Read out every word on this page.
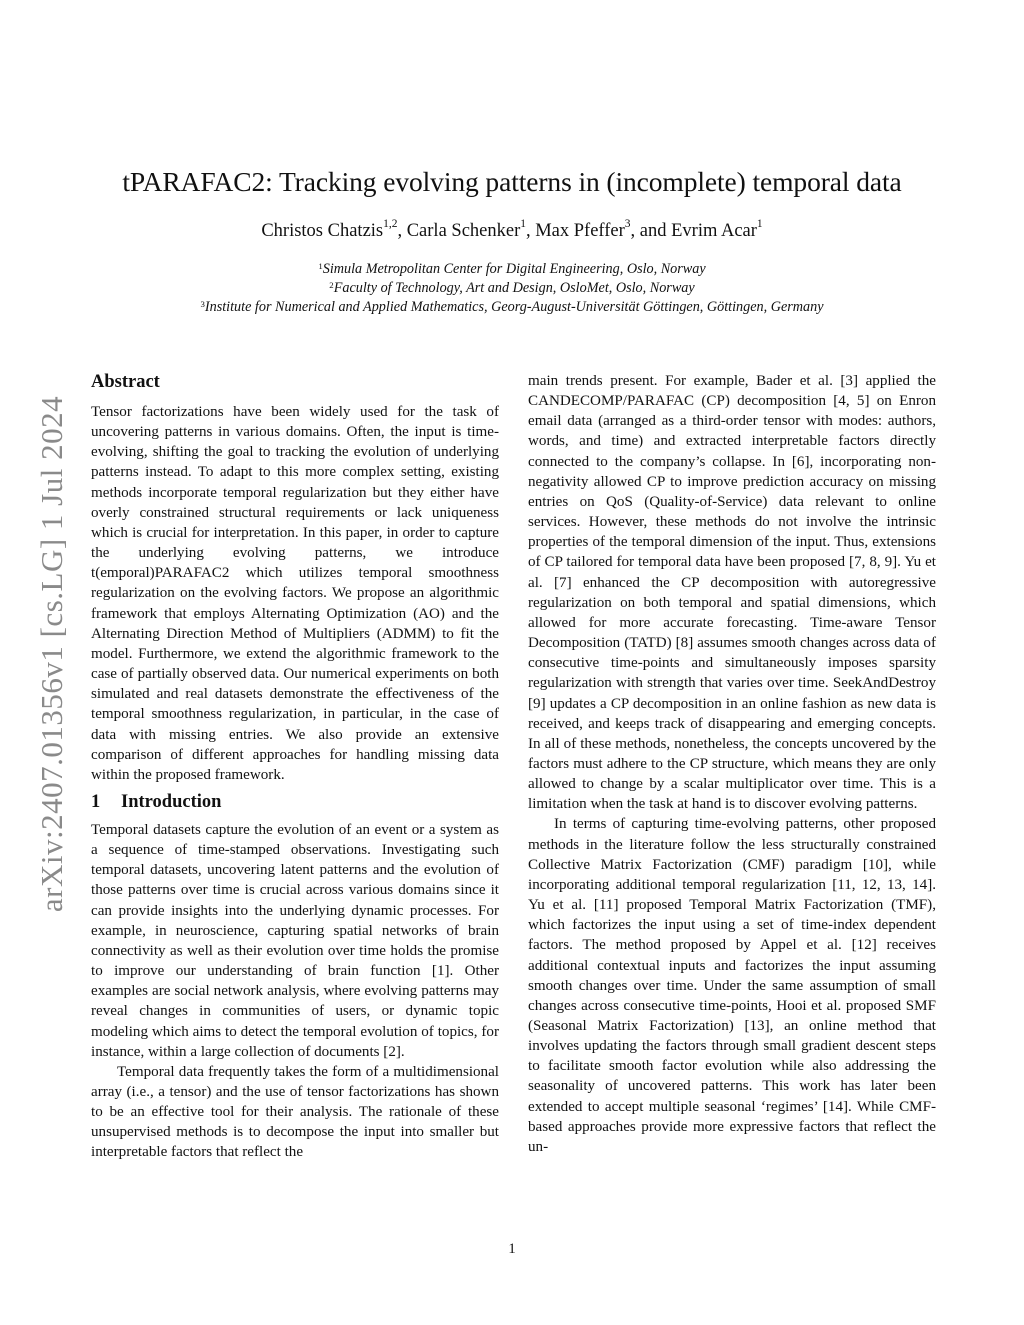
tPARAFAC2: Tracking evolving patterns in (incomplete) temporal data
Christos Chatzis$^{1,2}$, Carla Schenker$^1$, Max Pfeffer$^3$, and Evrim Acar$^1$
$^1$Simula Metropolitan Center for Digital Engineering, Oslo, Norway
$^2$Faculty of Technology, Art and Design, OsloMet, Oslo, Norway
$^3$Institute for Numerical and Applied Mathematics, Georg-August-Universität Göttingen, Göttingen, Germany
arXiv:2407.01356v1 [cs.LG] 1 Jul 2024
Abstract

Tensor factorizations have been widely used for the task of uncovering patterns in various domains. Often, the input is time-evolving, shifting the goal to tracking the evolution of underlying patterns instead. To adapt to this more complex setting, existing methods incorporate temporal regularization but they either have overly constrained structural requirements or lack uniqueness which is crucial for interpretation. In this paper, in order to capture the underlying evolving patterns, we introduce t(emporal)PARAFAC2 which utilizes temporal smoothness regularization on the evolving factors. We propose an algorithmic framework that employs Alternating Optimization (AO) and the Alternating Direction Method of Multipliers (ADMM) to fit the model. Furthermore, we extend the algorithmic framework to the case of partially observed data. Our numerical experiments on both simulated and real datasets demonstrate the effectiveness of the temporal smoothness regularization, in particular, in the case of data with missing entries. We also provide an extensive comparison of different approaches for handling missing data within the proposed framework.

1 Introduction

Temporal datasets capture the evolution of an event or a system as a sequence of time-stamped observations. Investigating such temporal datasets, uncovering latent patterns and the evolution of those patterns over time is crucial across various domains since it can provide insights into the underlying dynamic processes. For example, in neuroscience, capturing spatial networks of brain connectivity as well as their evolution over time holds the promise to improve our understanding of brain function [1]. Other examples are social network analysis, where evolving patterns may reveal changes in communities of users, or dynamic topic modeling which aims to detect the temporal evolution of topics, for instance, within a large collection of documents [2].

Temporal data frequently takes the form of a multidimensional array (i.e., a tensor) and the use of tensor factorizations has shown to be an effective tool for their analysis. The rationale of these unsupervised methods is to decompose the input into smaller but interpretable factors that reflect the

main trends present. For example, Bader et al. [3] applied the CANDECOMP/PARAFAC (CP) decomposition [4, 5] on Enron email data (arranged as a third-order tensor with modes: authors, words, and time) and extracted interpretable factors directly connected to the company’s collapse. In [6], incorporating non-negativity allowed CP to improve prediction accuracy on missing entries on QoS (Quality-of-Service) data relevant to online services. However, these methods do not involve the intrinsic properties of the temporal dimension of the input. Thus, extensions of CP tailored for temporal data have been proposed [7, 8, 9]. Yu et al. [7] enhanced the CP decomposition with autoregressive regularization on both temporal and spatial dimensions, which allowed for more accurate forecasting. Time-aware Tensor Decomposition (TATD) [8] assumes smooth changes across data of consecutive time-points and simultaneously imposes sparsity regularization with strength that varies over time. SeekAndDestroy [9] updates a CP decomposition in an online fashion as new data is received, and keeps track of disappearing and emerging concepts. In all of these methods, nonetheless, the concepts uncovered by the factors must adhere to the CP structure, which means they are only allowed to change by a scalar multiplicator over time. This is a limitation when the task at hand is to discover evolving patterns.

In terms of capturing time-evolving patterns, other proposed methods in the literature follow the less structurally constrained Collective Matrix Factorization (CMF) paradigm [10], while incorporating additional temporal regularization [11, 12, 13, 14]. Yu et al. [11] proposed Temporal Matrix Factorization (TMF), which factorizes the input using a set of time-index dependent factors. The method proposed by Appel et al. [12] receives additional contextual inputs and factorizes the input assuming smooth changes over time. Under the same assumption of small changes across consecutive time-points, Hooi et al. proposed SMF (Seasonal Matrix Factorization) [13], an online method that involves updating the factors through small gradient descent steps to facilitate smooth factor evolution while also addressing the seasonality of uncovered patterns. This work has later been extended to accept multiple seasonal ‘regimes’ [14]. While CMF-based approaches provide more expressive factors that reflect the un-

1
